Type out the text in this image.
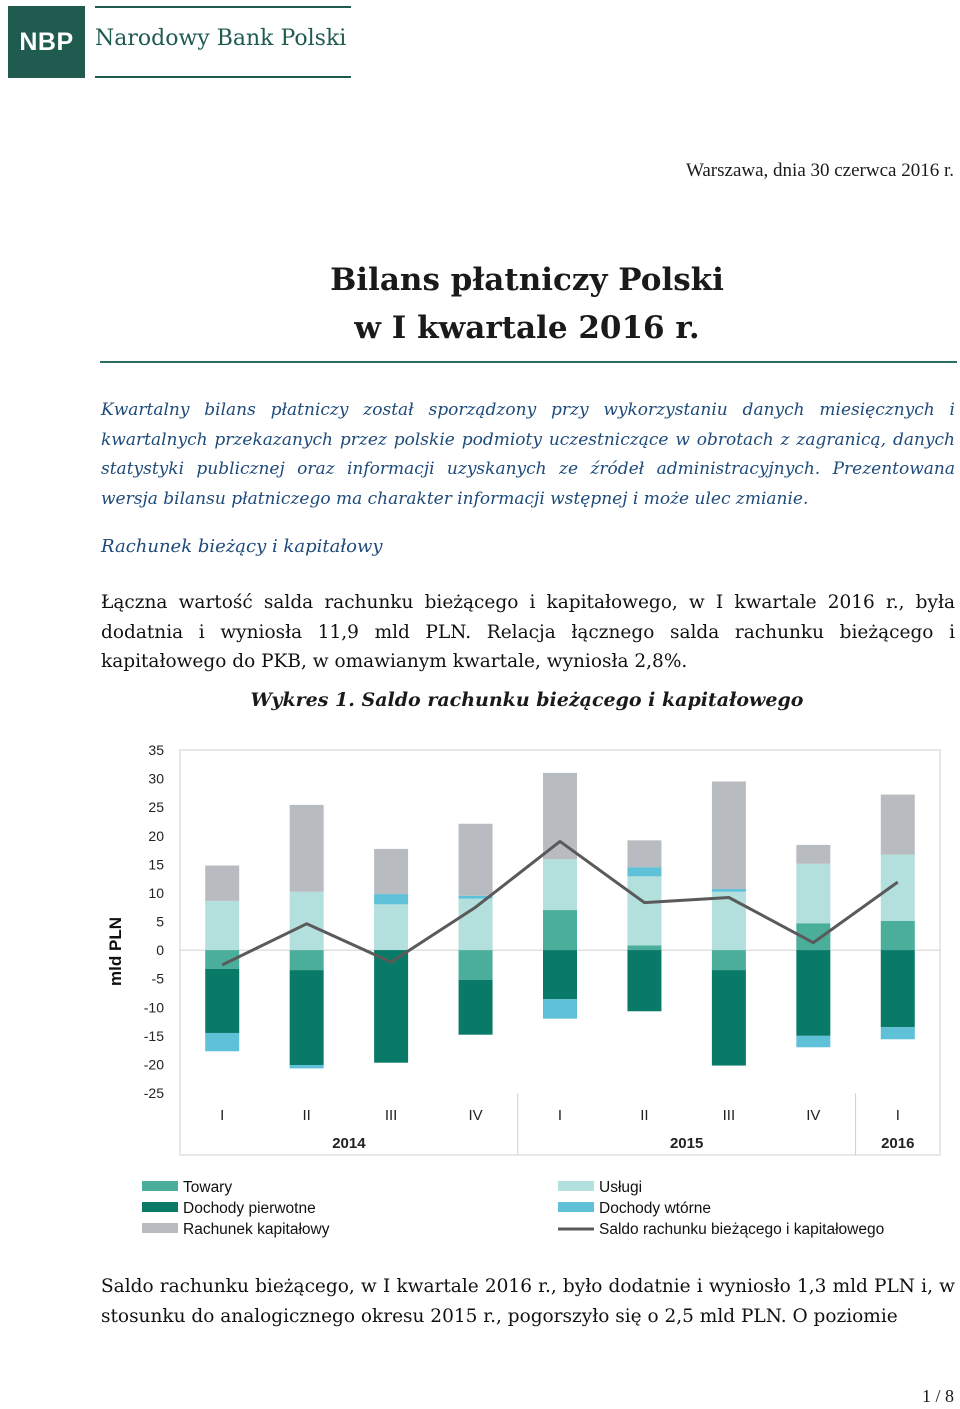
NBP Narodowy Bank Polski
Warszawa, dnia 30 czerwca 2016 r.
Bilans płatniczy Polski
w I kwartale 2016 r.
Kwartalny bilans płatniczy został sporządzony przy wykorzystaniu danych miesięcznych i kwartalnych przekazanych przez polskie podmioty uczestniczące w obrotach z zagranicą, danych statystyki publicznej oraz informacji uzyskanych ze źródeł administracyjnych. Prezentowana wersja bilansu płatniczego ma charakter informacji wstępnej i może ulec zmianie.
Rachunek bieżący i kapitałowy
Łączna wartość salda rachunku bieżącego i kapitałowego, w I kwartale 2016 r., była dodatnia i wyniosła 11,9 mld PLN. Relacja łącznego salda rachunku bieżącego i kapitałowego do PKB, w omawianym kwartale, wyniosła 2,8%.
Wykres 1. Saldo rachunku bieżącego i kapitałowego
35
30
25
20
15
10
5
0
-5
-10
-15
-20
-25
mld PLN
I	II	III	IV	I	II	III	IV	I
2014	2015	2016
Towary
Dochody pierwotne
Rachunek kapitałowy
Usługi
Dochody wtórne
Saldo rachunku bieżącego i kapitałowego
Saldo rachunku bieżącego, w I kwartale 2016 r., było dodatnie i wyniosło 1,3 mld PLN i, w stosunku do analogicznego okresu 2015 r., pogorszyło się o 2,5 mld PLN. O poziomie
1 / 8
